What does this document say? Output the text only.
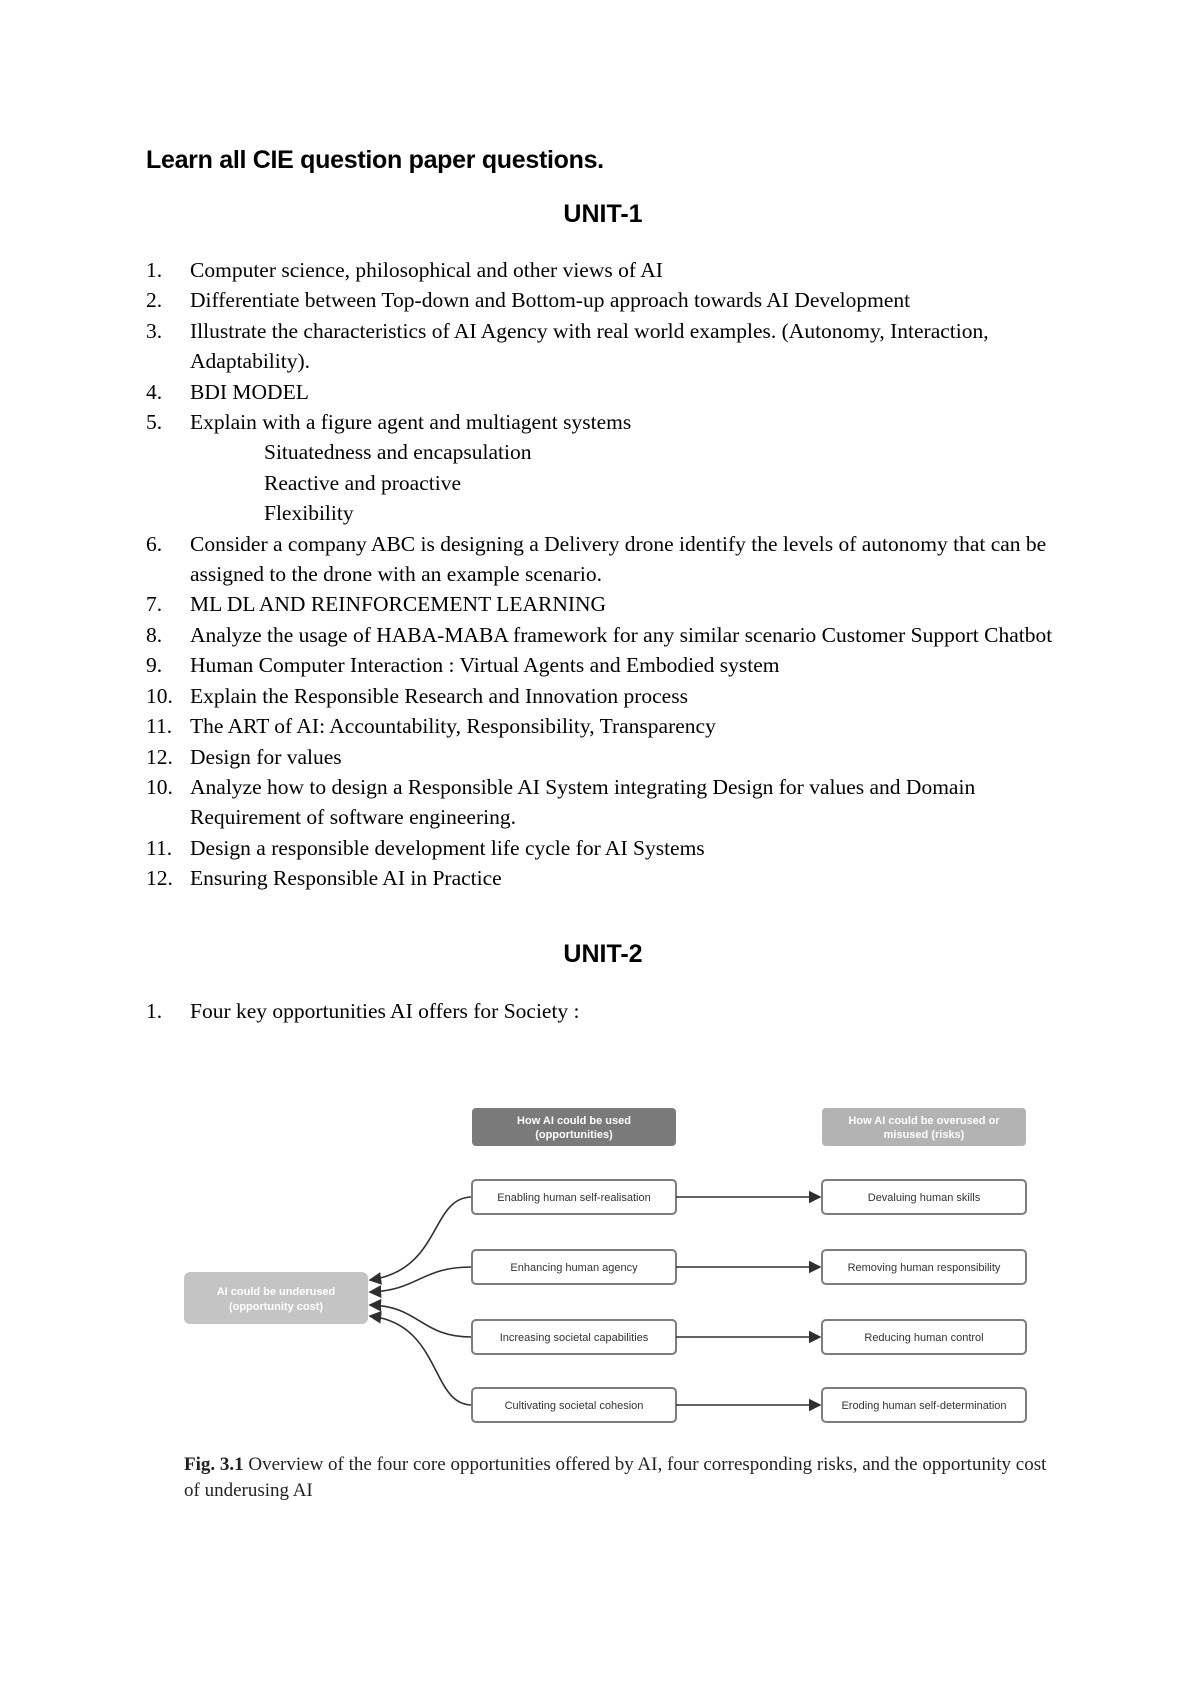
Learn all CIE question paper questions.
UNIT-1
1.	Computer science, philosophical and other views of AI
2.	Differentiate between Top-down and Bottom-up approach towards AI Development
3.	Illustrate the characteristics of AI Agency with real world examples. (Autonomy, Interaction, Adaptability).
4.	BDI MODEL
5.	Explain with a figure agent and multiagent systems
Situatedness and encapsulation
Reactive and proactive
Flexibility
6.	Consider a company ABC is designing a Delivery drone identify the levels of autonomy that can be assigned to the drone with an example scenario.
7.	ML DL AND REINFORCEMENT LEARNING
8.	Analyze the usage of HABA-MABA framework for any similar scenario Customer Support Chatbot
9.	Human Computer Interaction : Virtual Agents and Embodied system
10. Explain the Responsible Research and Innovation process
11. The ART of AI: Accountability, Responsibility, Transparency
12. Design for values
10. Analyze how to design a Responsible AI System integrating Design for values and Domain Requirement of software engineering.
11. Design a responsible development life cycle for AI Systems
12. Ensuring Responsible AI in Practice
UNIT-2
1.	Four key opportunities AI offers for Society :
How AI could be used
(opportunities)
How AI could be overused or
misused (risks)
AI could be underused
(opportunity cost)
Enabling human self-realisation
Enhancing human agency
Increasing societal capabilities
Cultivating societal cohesion
Devaluing human skills
Removing human responsibility
Reducing human control
Eroding human self-determination
Fig. 3.1 Overview of the four core opportunities offered by AI, four corresponding risks, and the opportunity cost of underusing AI
